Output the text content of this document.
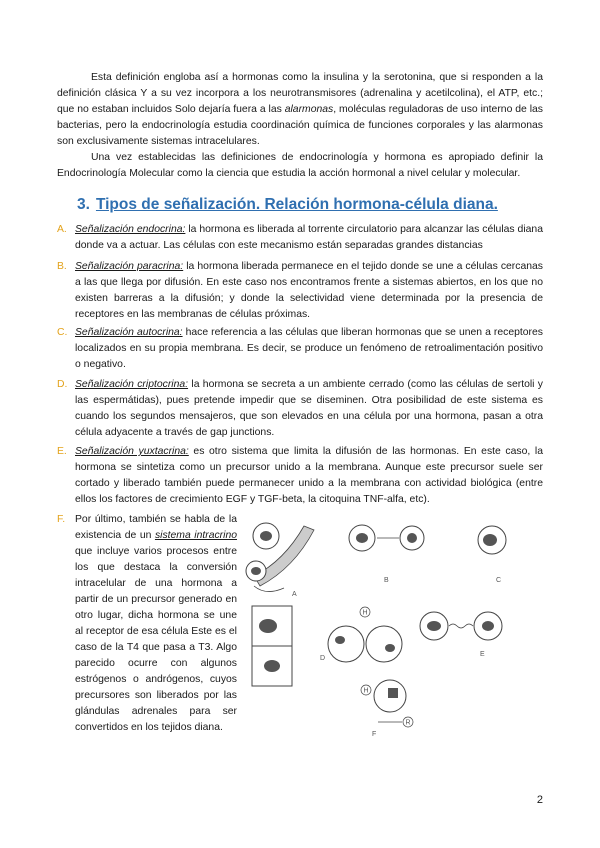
Esta definición engloba así a hormonas como la insulina y la serotonina, que si responden a la definición clásica Y a su vez incorpora a los neurotransmisores (adrenalina y acetilcolina), el ATP, etc.; que no estaban incluidos Solo dejaría fuera a las alarmonas, moléculas reguladoras de uso interno de las bacterias, pero la endocrinología estudia coordinación química de funciones corporales y las alarmonas son exclusivamente sistemas intracelulares.

Una vez establecidas las definiciones de endocrinología y hormona es apropiado definir la Endocrinología Molecular como la ciencia que estudia la acción hormonal a nivel celular y molecular.

3. Tipos de señalización. Relación hormona-célula diana.
A. Señalización endocrina: la hormona es liberada al torrente circulatorio para alcanzar las células diana donde va a actuar. Las células con este mecanismo están separadas grandes distancias
B. Señalización paracrina: la hormona liberada permanece en el tejido donde se une a células cercanas a las que llega por difusión. En este caso nos encontramos frente a sistemas abiertos, en los que no existen barreras a la difusión; y donde la selectividad viene determinada por la presencia de receptores en las membranas de células próximas.
C. Señalización autocrina: hace referencia a las células que liberan hormonas que se unen a receptores localizados en su propia membrana. Es decir, se produce un fenómeno de retroalimentación positivo o negativo.
D. Señalización criptocrina: la hormona se secreta a un ambiente cerrado (como las células de sertoli y las espermátidas), pues pretende impedir que se diseminen. Otra posibilidad de este sistema es cuando los segundos mensajeros, que son elevados en una célula por una hormona, pasan a otra célula adyacente a través de gap junctions.
E. Señalización yuxtacrina: es otro sistema que limita la difusión de las hormonas. En este caso, la hormona se sintetiza como un precursor unido a la membrana. Aunque este precursor suele ser cortado y liberado también puede permanecer unido a la membrana con actividad biológica (entre ellos los factores de crecimiento EGF y TGF-beta, la citoquina TNF-alfa, etc).
F. Por último, también se habla de la existencia de un sistema intracrino que incluye varios procesos entre los que destaca la conversión intracelular de una hormona a partir de un precursor generado en otro lugar, dicha hormona se une al receptor de esa célula Este es el caso de la T4 que pasa a T3. Algo parecido ocurre con algunos estrógenos o andrógenos, cuyos precursores son liberados por las glándulas adrenales para ser convertidos en los tejidos diana.
A
B	C
D
E
H
R
F
H
2
